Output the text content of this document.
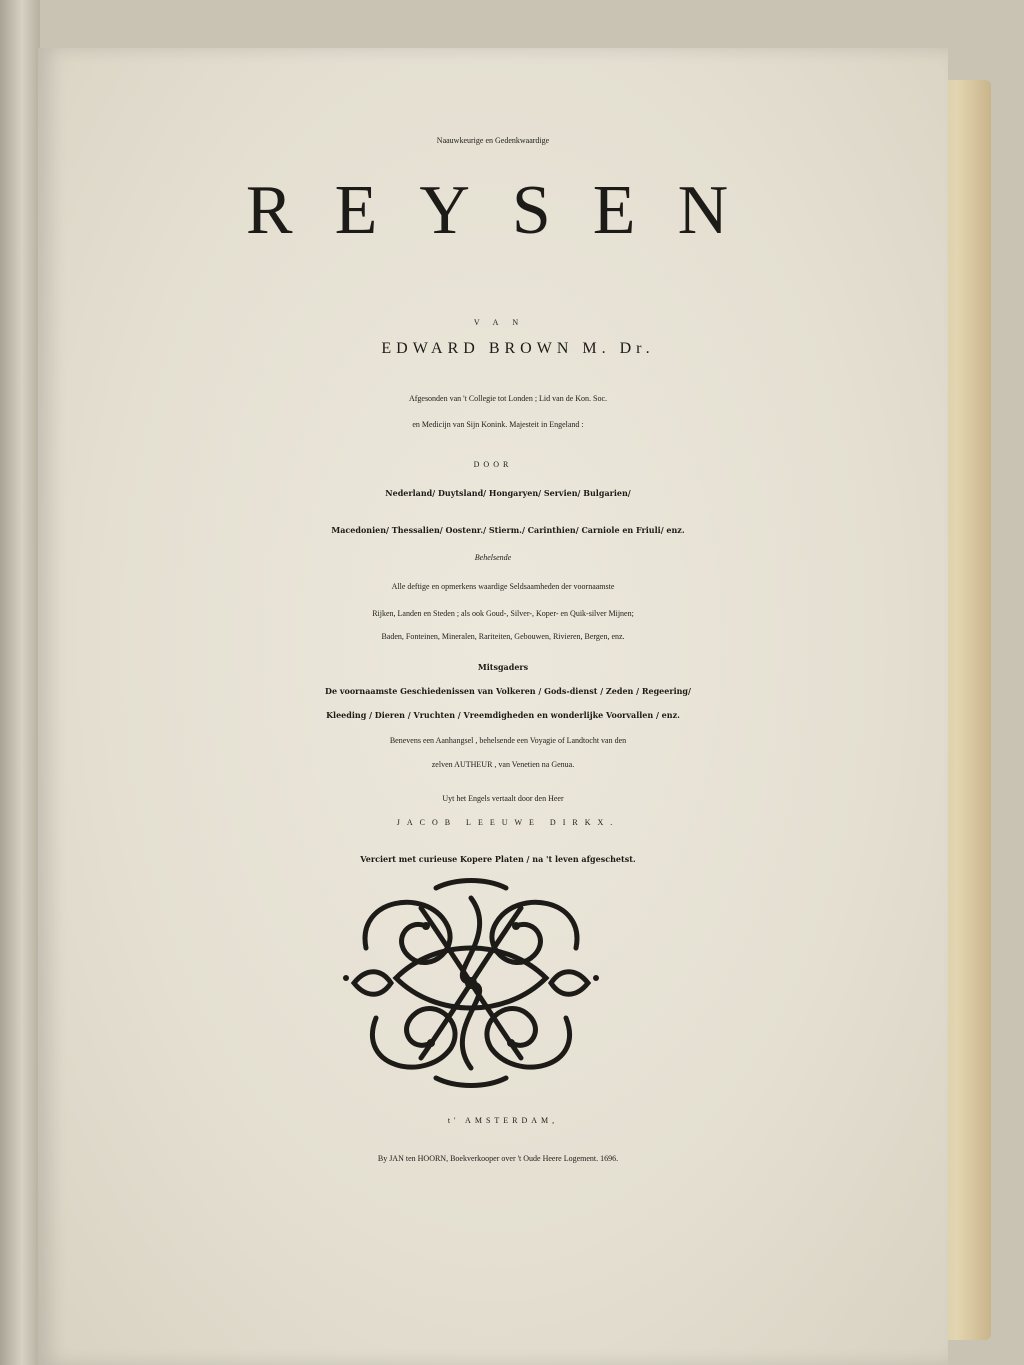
Naauwkeurige en Gedenkwaardige
REYSEN
VAN
EDWARD BROWN M. Dr.
Afgesonden van 't Collegie tot Londen ; Lid van de Kon. Soc.
en Medicijn van Sijn Konink. Majesteit in Engeland :
DOOR
Nederland/ Duytsland/ Hongaryen/ Servien/ Bulgarien/
Macedonien/ Thessalien/ Oostenr./ Stierm./ Carinthien/ Carniole en Friuli/ enz.
Behelsende
Alle deftige en opmerkens waardige Seldsaamheden der voornaamste
Rijken, Landen en Steden ; als ook Goud-, Silver-, Koper- en Quik-silver Mijnen;
Baden, Fonteinen, Mineralen, Rariteiten, Gebouwen, Rivieren, Bergen, enz.
Mitsgaders
De voornaamste Geschiedenissen van Volkeren / Gods-dienst / Zeden / Regeering/
Kleeding / Dieren / Vruchten / Vreemdigheden en wonderlijke Voorvallen / enz.
Benevens een Aanhangsel , behelsende een Voyagie of Landtocht van den
zelven AUTHEUR , van Venetien na Genua.
Uyt het Engels vertaalt door den Heer
JACOB LEEUWE DIRKX.
Verciert met curieuse Kopere Platen / na 't leven afgeschetst.
t' AMSTERDAM,
By JAN ten HOORN, Boekverkooper over 't Oude Heere Logement. 1696.
